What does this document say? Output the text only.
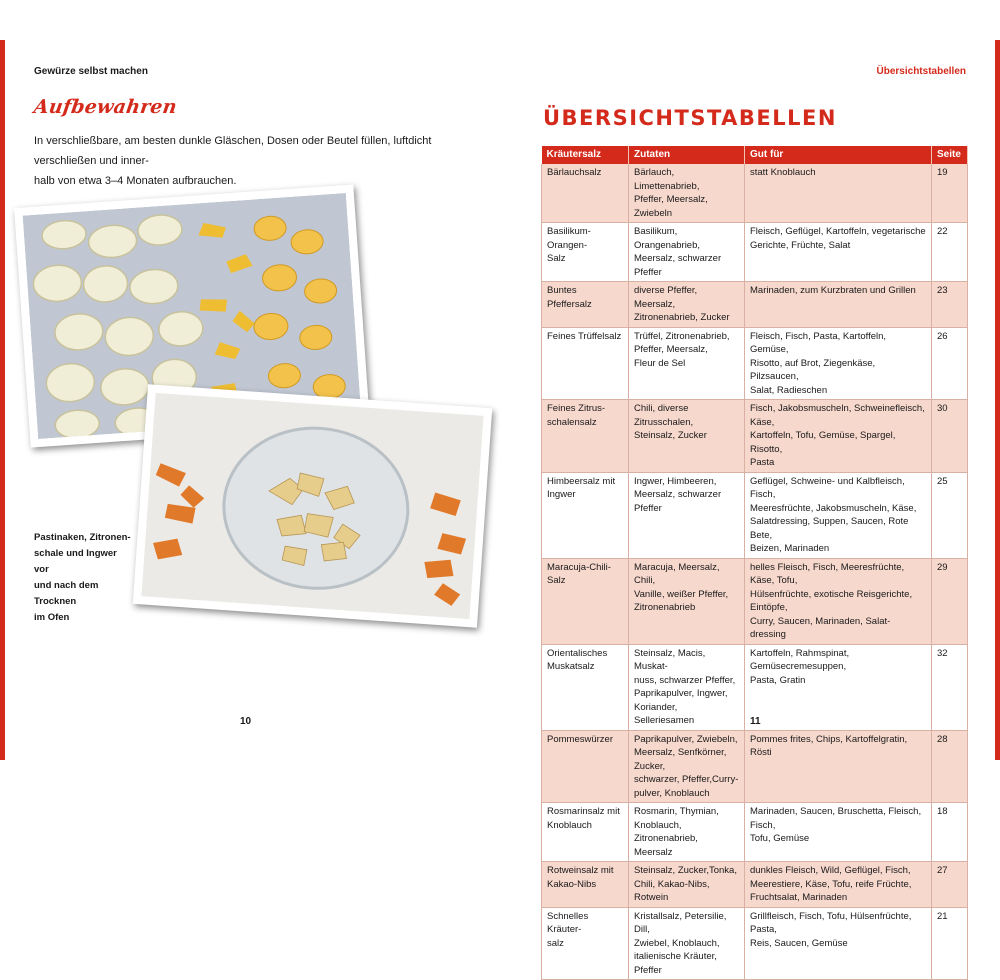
Gewürze selbst machen	Übersichtstabellen
Aufbewahren

In verschließbare, am besten dunkle Gläschen, Dosen oder Beutel füllen, luftdicht verschließen und inner-
halb von etwa 3–4 Monaten aufbrauchen.

Pastinaken, Zitronen-
schale und Ingwer vor
und nach dem Trocknen
im Ofen

10
ÜBERSICHTSTABELLEN
Kräutersalz	Zutaten	Gut für	Seite
Bärlauchsalz	Bärlauch, Limettenabrieb,
Pfeffer, Meersalz, Zwiebeln	statt Knoblauch	19
Basilikum-Orangen-
Salz	Basilikum, Orangenabrieb,
Meersalz, schwarzer Pfeffer	Fleisch, Geflügel, Kartoffeln, vegetarische
Gerichte, Früchte, Salat	22
Buntes Pfeffersalz	diverse Pfeffer, Meersalz,
Zitronenabrieb, Zucker	Marinaden, zum Kurzbraten und Grillen	23
Feines Trüffelsalz	Trüffel, Zitronenabrieb,
Pfeffer, Meersalz,
Fleur de Sel	Fleisch, Fisch, Pasta, Kartoffeln, Gemüse,
Risotto, auf Brot, Ziegenkäse, Pilzsaucen,
Salat, Radieschen	26
Feines Zitrus-
schalensalz	Chili, diverse Zitrusschalen,
Steinsalz, Zucker	Fisch, Jakobsmuscheln, Schweinefleisch, Käse,
Kartoffeln, Tofu, Gemüse, Spargel, Risotto,
Pasta	30
Himbeersalz mit
Ingwer	Ingwer, Himbeeren,
Meersalz, schwarzer Pfeffer	Geflügel, Schweine- und Kalbfleisch, Fisch,
Meeresfrüchte, Jakobsmuscheln, Käse,
Salatdressing, Suppen, Saucen, Rote Bete,
Beizen, Marinaden	25
Maracuja-Chili-Salz	Maracuja, Meersalz, Chili,
Vanille, weißer Pfeffer,
Zitronenabrieb	helles Fleisch, Fisch, Meeresfrüchte, Käse, Tofu,
Hülsenfrüchte, exotische Reisgerichte, Eintöpfe,
Curry, Saucen, Marinaden, Salat-
dressing	29
Orientalisches
Muskatsalz	Steinsalz, Macis, Muskat-
nuss, schwarzer Pfeffer,
Paprikapulver, Ingwer,
Koriander, Selleriesamen	Kartoffeln, Rahmspinat, Gemüsecremesuppen,
Pasta, Gratin	32
Pommeswürzer	Paprikapulver, Zwiebeln,
Meersalz, Senfkörner, Zucker,
schwarzer, Pfeffer,Curry-
pulver, Knoblauch	Pommes frites, Chips, Kartoffelgratin, Rösti	28
Rosmarinsalz mit
Knoblauch	Rosmarin, Thymian,
Knoblauch, Zitronenabrieb,
Meersalz	Marinaden, Saucen, Bruschetta, Fleisch, Fisch,
Tofu, Gemüse	18
Rotweinsalz mit
Kakao-Nibs	Steinsalz, Zucker,Tonka,
Chili, Kakao-Nibs, Rotwein	dunkles Fleisch, Wild, Geflügel, Fisch,
Meerestiere, Käse, Tofu, reife Früchte,
Fruchtsalat, Marinaden	27
Schnelles Kräuter-
salz	Kristallsalz, Petersilie, Dill,
Zwiebel, Knoblauch,
italienische Kräuter, Pfeffer	Grillfleisch, Fisch, Tofu, Hülsenfrüchte, Pasta,
Reis, Saucen, Gemüse	21
11
